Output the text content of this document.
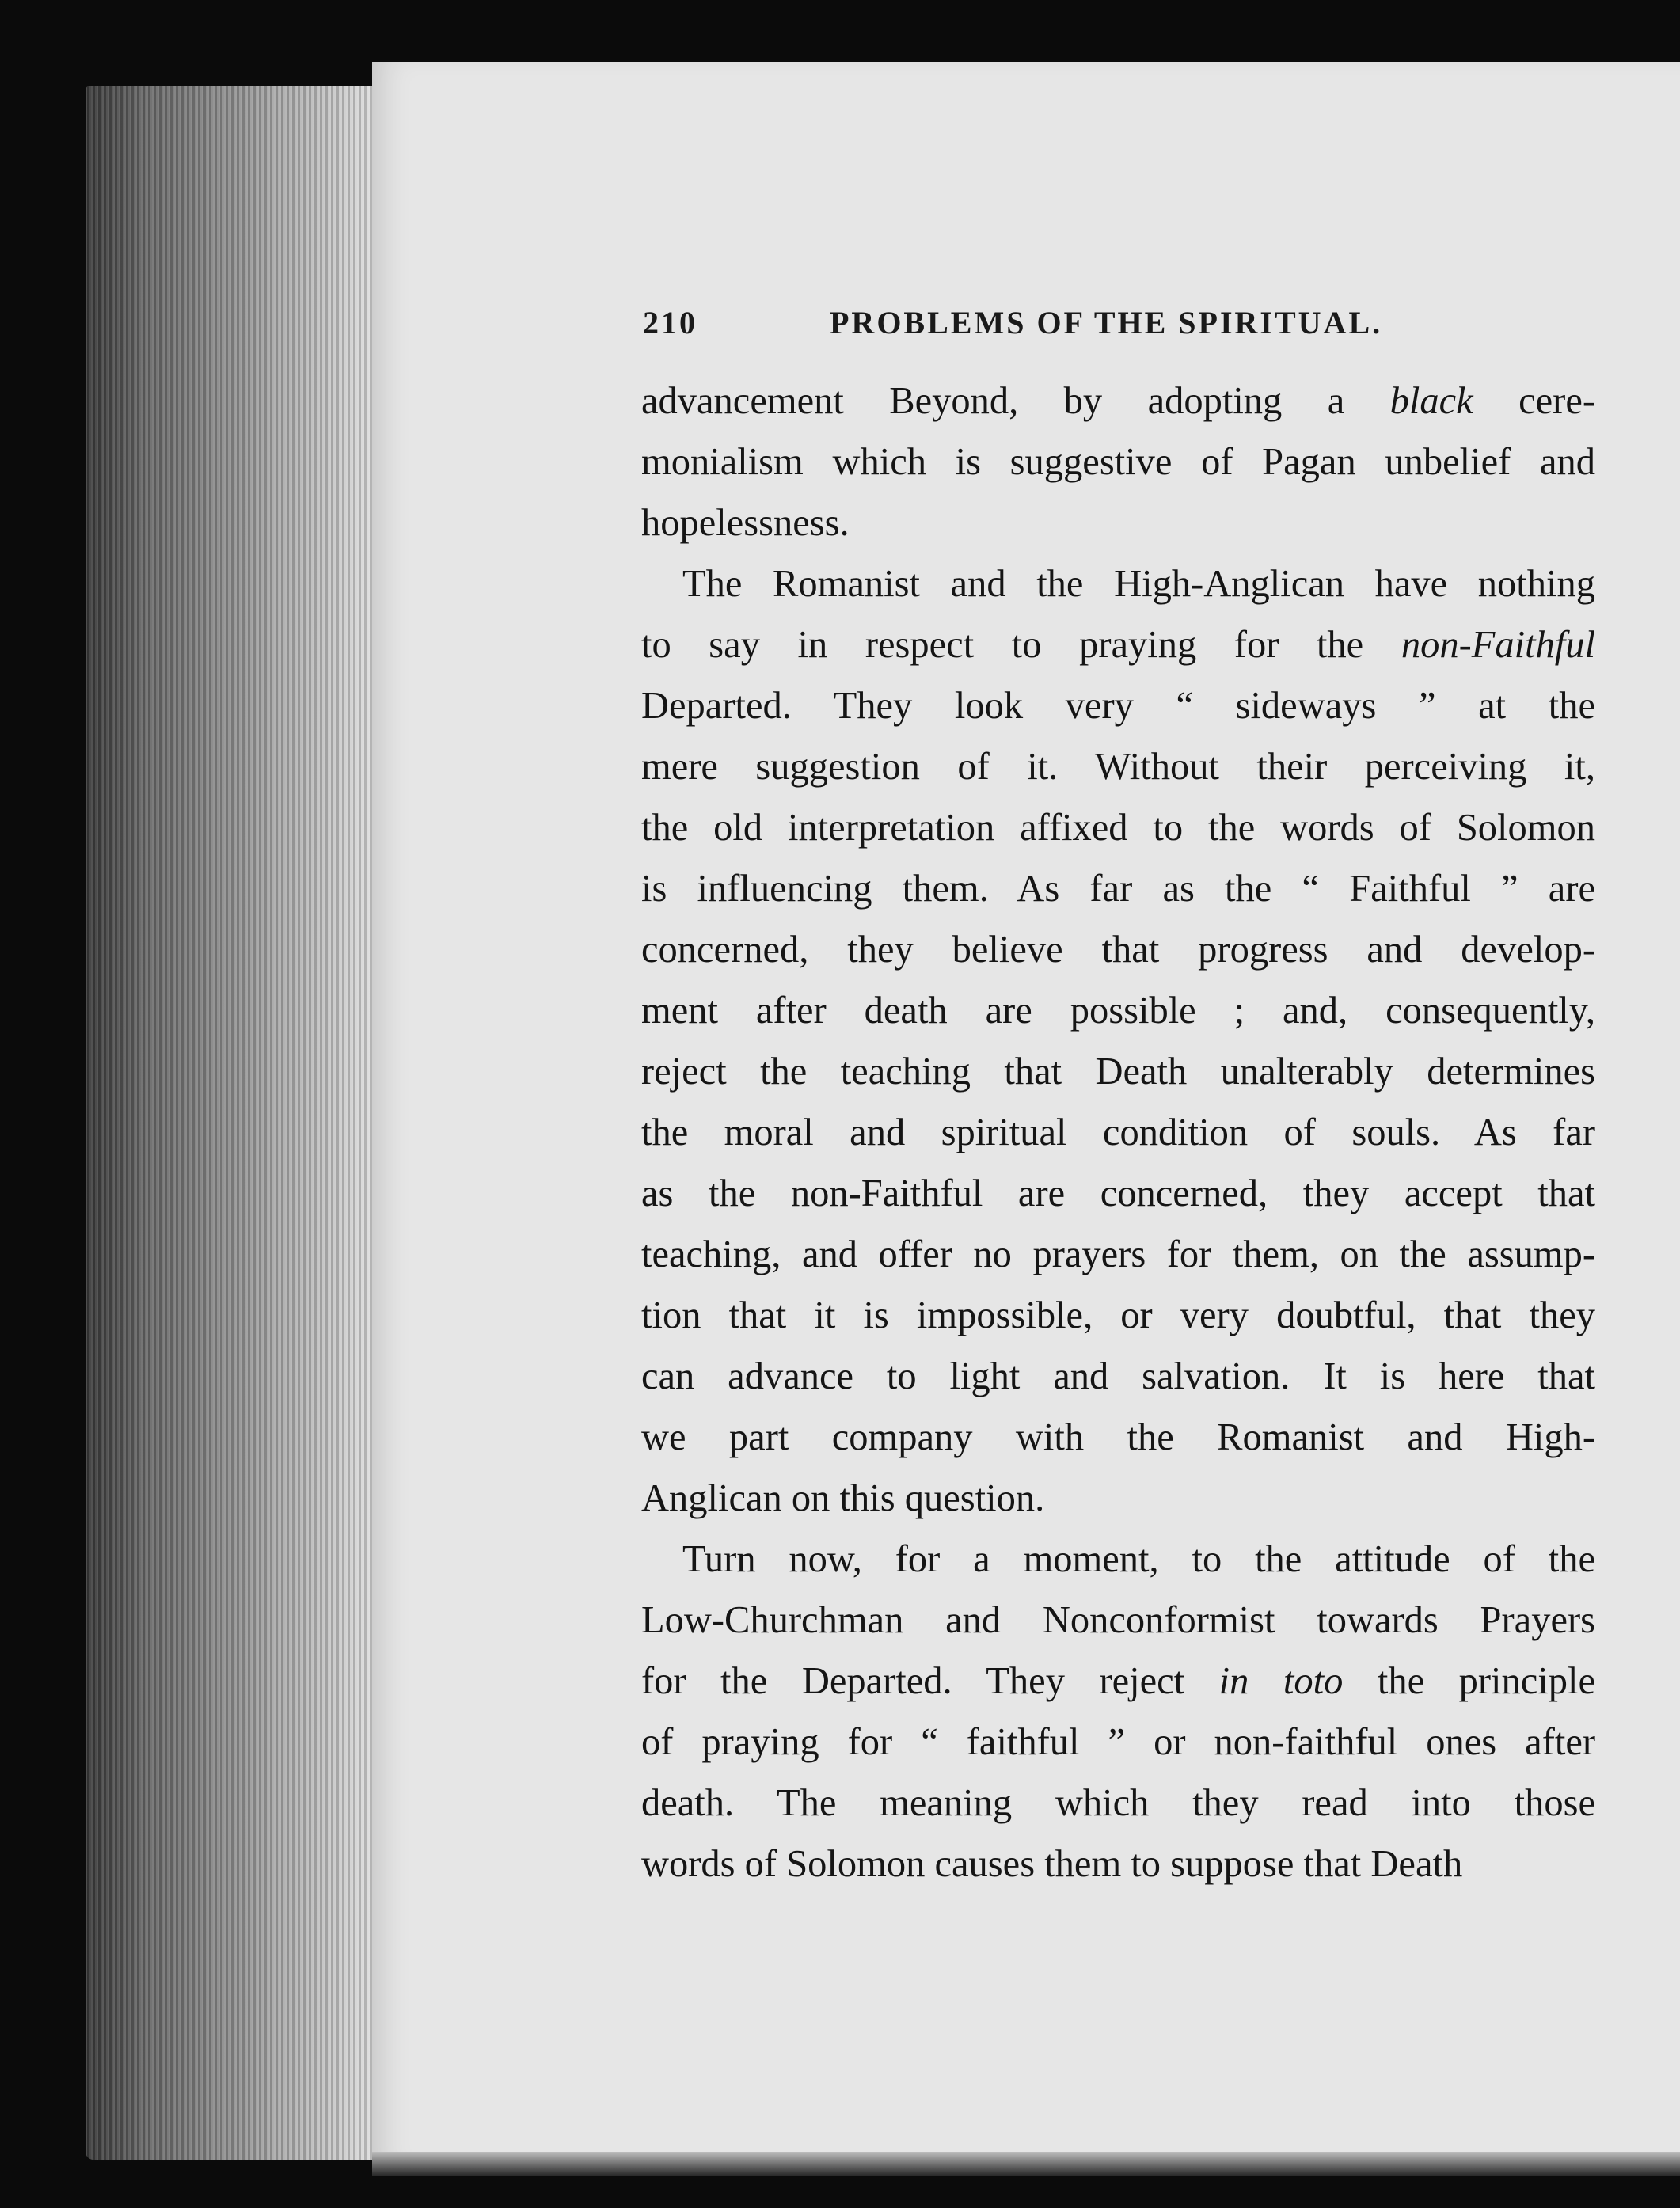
210	PROBLEMS OF THE SPIRITUAL.
advancement Beyond, by adopting a black cere-
monialism which is suggestive of Pagan unbelief and
hopelessness.
The Romanist and the High-Anglican have nothing
to say in respect to praying for the non-Faithful
Departed. They look very “ sideways ” at the
mere suggestion of it. Without their perceiving it,
the old interpretation affixed to the words of Solomon
is influencing them. As far as the “ Faithful ” are
concerned, they believe that progress and develop-
ment after death are possible ; and, consequently,
reject the teaching that Death unalterably determines
the moral and spiritual condition of souls. As far
as the non-Faithful are concerned, they accept that
teaching, and offer no prayers for them, on the assump-
tion that it is impossible, or very doubtful, that they
can advance to light and salvation. It is here that
we part company with the Romanist and High-
Anglican on this question.
Turn now, for a moment, to the attitude of the
Low-Churchman and Nonconformist towards Prayers
for the Departed. They reject in toto the principle
of praying for “ faithful ” or non-faithful ones after
death. The meaning which they read into those
words of Solomon causes them to suppose that Death
